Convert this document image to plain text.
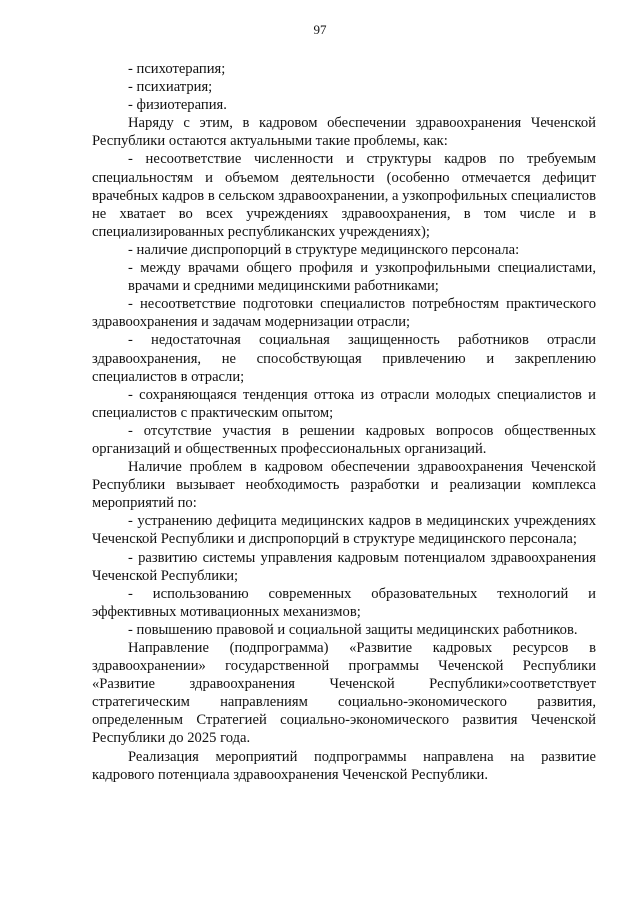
97

- психотерапия;

- психиатрия;

- физиотерапия.

Наряду с этим, в кадровом обеспечении здравоохранения Чеченской Республики остаются актуальными такие проблемы, как:

- несоответствие численности и структуры кадров по требуемым специальностям и объемом деятельности (особенно отмечается дефицит врачебных кадров в сельском здравоохранении, а узкопрофильных специалистов не хватает во всех учреждениях здравоохранения, в том числе и в специализированных республиканских учреждениях);

- наличие диспропорций в структуре медицинского персонала:

- между врачами общего профиля и узкопрофильными специалистами, врачами и средними медицинскими работниками;

- несоответствие подготовки специалистов потребностям практического здравоохранения и задачам модернизации отрасли;

- недостаточная социальная защищенность работников отрасли здравоохранения, не способствующая привлечению и закреплению специалистов в отрасли;

- сохраняющаяся тенденция оттока из отрасли молодых специалистов и специалистов с практическим опытом;

- отсутствие участия в решении кадровых вопросов общественных организаций и общественных профессиональных организаций.

Наличие проблем в кадровом обеспечении здравоохранения Чеченской Республики вызывает необходимость разработки и реализации комплекса мероприятий по:

- устранению дефицита медицинских кадров в медицинских учреждениях Чеченской Республики и диспропорций в структуре медицинского персонала;

- развитию системы управления кадровым потенциалом здравоохранения Чеченской Республики;

- использованию современных образовательных технологий и эффективных мотивационных механизмов;

- повышению правовой и социальной защиты медицинских работников.

Направление (подпрограмма) «Развитие кадровых ресурсов в здравоохранении» государственной программы Чеченской Республики «Развитие здравоохранения Чеченской Республики»соответствует стратегическим направлениям социально-экономического развития, определенным Стратегией социально-экономического развития Чеченской Республики до 2025 года.

Реализация мероприятий подпрограммы направлена на развитие кадрового потенциала здравоохранения Чеченской Республики.
